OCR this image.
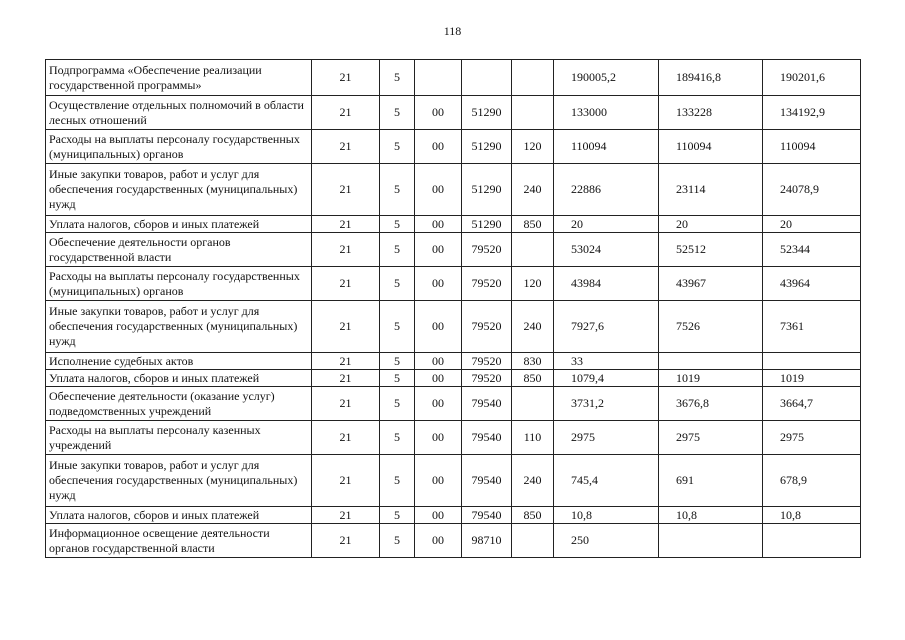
118
Подпрограмма «Обеспечение реализации государственной программы»	21	5				190005,2	189416,8	190201,6
Осуществление отдельных полномочий в области лесных отношений	21	5	00	51290		133000	133228	134192,9
Расходы на выплаты персоналу государственных (муниципальных) органов	21	5	00	51290	120	110094	110094	110094
Иные закупки товаров, работ и услуг для обеспечения государственных (муниципальных) нужд	21	5	00	51290	240	22886	23114	24078,9
Уплата налогов, сборов и иных платежей	21	5	00	51290	850	20	20	20
Обеспечение деятельности органов государственной власти	21	5	00	79520		53024	52512	52344
Расходы на выплаты персоналу государственных (муниципальных) органов	21	5	00	79520	120	43984	43967	43964
Иные закупки товаров, работ и услуг для обеспечения государственных (муниципальных) нужд	21	5	00	79520	240	7927,6	7526	7361
Исполнение судебных актов	21	5	00	79520	830	33		
Уплата налогов, сборов и иных платежей	21	5	00	79520	850	1079,4	1019	1019
Обеспечение деятельности (оказание услуг) подведомственных учреждений	21	5	00	79540		3731,2	3676,8	3664,7
Расходы на выплаты персоналу казенных учреждений	21	5	00	79540	110	2975	2975	2975
Иные закупки товаров, работ и услуг для обеспечения государственных (муниципальных) нужд	21	5	00	79540	240	745,4	691	678,9
Уплата налогов, сборов и иных платежей	21	5	00	79540	850	10,8	10,8	10,8
Информационное освещение деятельности органов государственной власти	21	5	00	98710		250		
